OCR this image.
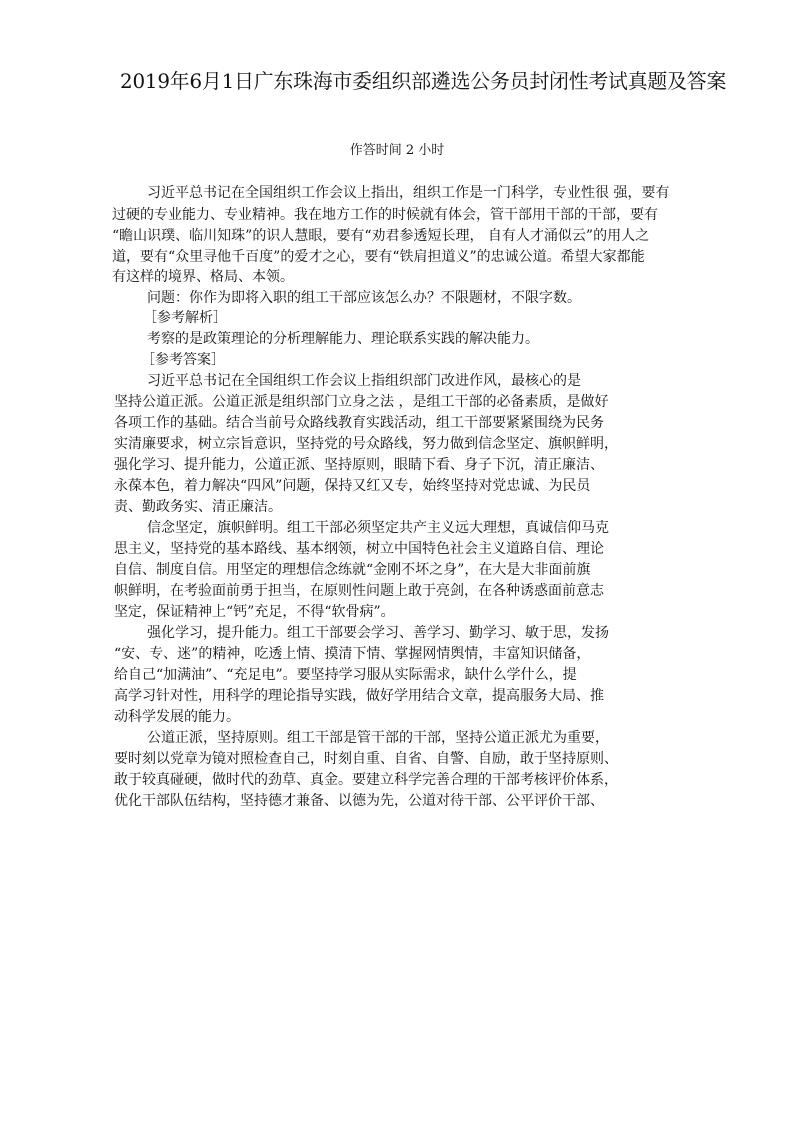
2019年6月1日广东珠海市委组织部遴选公务员封闭性考试真题及答案
作答时间 2 小时
习近平总书记在全国组织工作会议上指出，组织工作是一门科学，专业性很 强，要有
过硬的专业能力、专业精神。我在地方工作的时候就有体会，管干部用干部的干部，要有
“瞻山识璞、临川知珠”的识人慧眼，要有“劝君参透短长理， 自有人才涌似云”的用人之
道，要有“众里寻他千百度”的爱才之心，要有“铁肩担道义”的忠诚公道。希望大家都能
有这样的境界、格局、本领。
问题：你作为即将入职的组工干部应该怎么办？不限题材，不限字数。
［参考解析］
考察的是政策理论的分析理解能力、理论联系实践的解决能力。
［参考答案］
习近平总书记在全国组织工作会议上指组织部门改进作风，最核心的是
坚持公道正派。公道正派是组织部门立身之法 ，是组工干部的必备素质，是做好
各项工作的基础。结合当前号众路线教育实践活动，组工干部要紧紧围绕为民务
实清廉要求，树立宗旨意识，坚持党的号众路线，努力做到信念坚定、旗帜鲜明，
强化学习、提升能力，公道正派、坚持原则，眼睛下看、身子下沉，清正廉洁、
永葆本色，着力解决“四风”问题，保持又红又专，始终坚持对党忠诚、为民员
责、勤政务实、清正廉洁。
信念坚定，旗帜鲜明。组工干部必须坚定共产主义远大理想，真诚信仰马克
思主义，坚持党的基本路线、基本纲领，树立中国特色社会主义道路自信、理论
自信、制度自信。用坚定的理想信念练就“金刚不坏之身”，在大是大非面前旗
帜鲜明，在考验面前勇于担当，在原则性问题上敢于亮剑，在各种诱惑面前意志
坚定，保证精神上“钙”充足，不得“软骨病”。
强化学习，提升能力。组工干部要会学习、善学习、勤学习、敏于思，发扬
“安、专、迷”的精神，吃透上情、摸清下情、掌握网情舆情，丰富知识储备，
给自己“加满油”、“充足电”。要坚持学习服从实际需求，缺什么学什么，提
高学习针对性，用科学的理论指导实践，做好学用结合文章，提高服务大局、推
动科学发展的能力。
公道正派，坚持原则。组工干部是管干部的干部，坚持公道正派尤为重要，
要时刻以党章为镜对照检查自己，时刻自重、自省、自警、自励，敢于坚持原则、
敢于较真碰硬，做时代的劲草、真金。要建立科学完善合理的干部考核评价体系，
优化干部队伍结构，坚持德才兼备、以德为先，公道对待干部、公平评价干部、
